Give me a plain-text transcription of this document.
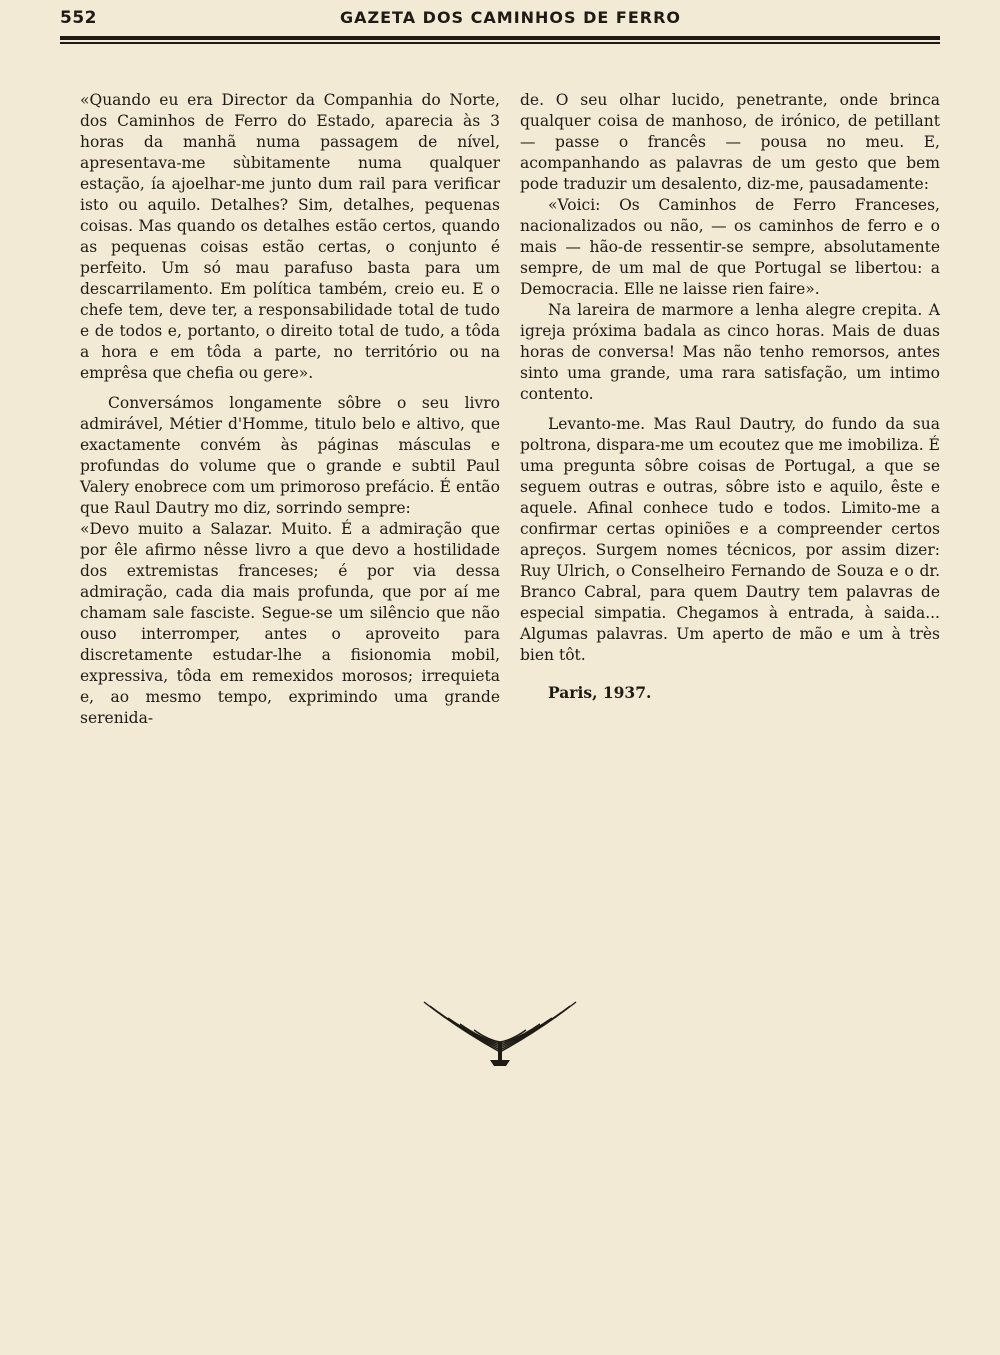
552	GAZETA DOS CAMINHOS DE FERRO

«Quando eu era Director da Companhia do Norte, dos Caminhos de Ferro do Estado, aparecia às 3 horas da manhã numa passagem de nível, apresentava-me sùbitamente numa qualquer estação, ía ajoelhar-me junto dum rail para verificar isto ou aquilo. Detalhes? Sim, detalhes, pequenas coisas. Mas quando os detalhes estão certos, quando as pequenas coisas estão certas, o conjunto é perfeito. Um só mau parafuso basta para um descarrilamento. Em política também, creio eu. E o chefe tem, deve ter, a responsabilidade total de tudo e de todos e, portanto, o direito total de tudo, a tôda a hora e em tôda a parte, no território ou na emprêsa que chefia ou gere».

Conversámos longamente sôbre o seu livro admirável, Métier d'Homme, titulo belo e altivo, que exactamente convém às páginas másculas e profundas do volume que o grande e subtil Paul Valery enobrece com um primoroso prefácio. É então que Raul Dautry mo diz, sorrindo sempre:

«Devo muito a Salazar. Muito. É a admiração que por êle afirmo nêsse livro a que devo a hostilidade dos extremistas franceses; é por via dessa admiração, cada dia mais profunda, que por aí me chamam sale fasciste. Segue-se um silêncio que não ouso interromper, antes o aproveito para discretamente estudar-lhe a fisionomia mobil, expressiva, tôda em remexidos morosos; irrequieta e, ao mesmo tempo, exprimindo uma grande serenida-

de. O seu olhar lucido, penetrante, onde brinca qualquer coisa de manhoso, de irónico, de petillant — passe o francês — pousa no meu. E, acompanhando as palavras de um gesto que bem pode traduzir um desalento, diz-me, pausadamente:

«Voici: Os Caminhos de Ferro Franceses, nacionalizados ou não, — os caminhos de ferro e o mais — hão-de ressentir-se sempre, absolutamente sempre, de um mal de que Portugal se libertou: a Democracia. Elle ne laisse rien faire».

Na lareira de marmore a lenha alegre crepita. A igreja próxima badala as cinco horas. Mais de duas horas de conversa! Mas não tenho remorsos, antes sinto uma grande, uma rara satisfação, um intimo contento.

Levanto-me. Mas Raul Dautry, do fundo da sua poltrona, dispara-me um ecoutez que me imobiliza. É uma pregunta sôbre coisas de Portugal, a que se seguem outras e outras, sôbre isto e aquilo, êste e aquele. Afinal conhece tudo e todos. Limito-me a confirmar certas opiniões e a compreender certos apreços. Surgem nomes técnicos, por assim dizer: Ruy Ulrich, o Conselheiro Fernando de Souza e o dr. Branco Cabral, para quem Dautry tem palavras de especial simpatia. Chegamos à entrada, à saida... Algumas palavras. Um aperto de mão e um à très bien tôt.

Paris, 1937.
